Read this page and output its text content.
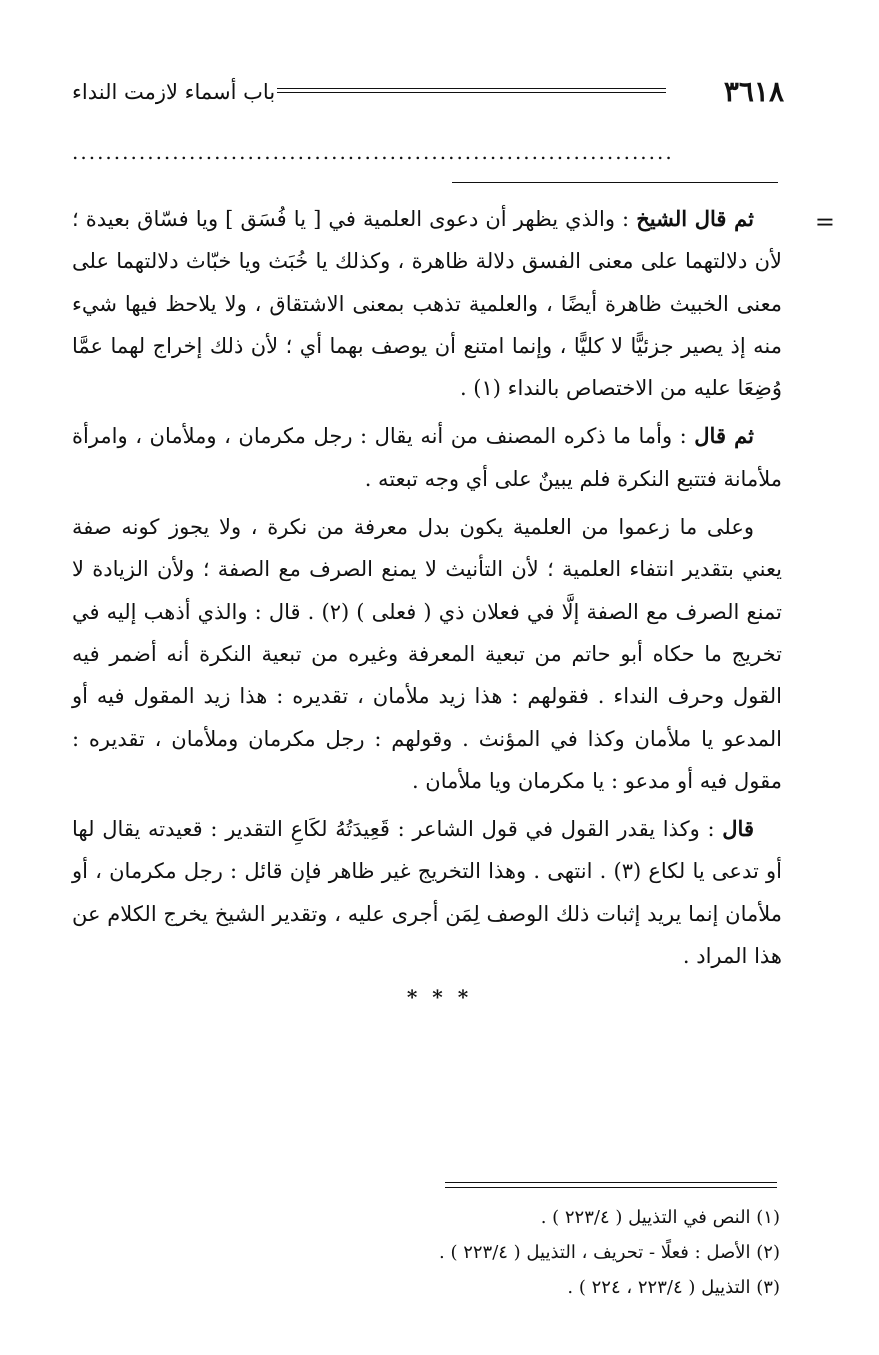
٣٦١٨
باب أسماء لازمت النداء
........................................................................
=

ثم قال الشيخ : والذي يظهر أن دعوى العلمية في [ يا فُسَق ] ويا فسّاق بعيدة ؛ لأن دلالتهما على معنى الفسق دلالة ظاهرة ، وكذلك يا خُبَث ويا خبّاث دلالتهما على معنى الخبيث ظاهرة أيضًا ، والعلمية تذهب بمعنى الاشتقاق ، ولا يلاحظ فيها شيء منه إذ يصير جزئيًّا لا كليًّا ، وإنما امتنع أن يوصف بهما أي ؛ لأن ذلك إخراج لهما عمَّا وُضِعَا عليه من الاختصاص بالنداء (١) .

ثم قال : وأما ما ذكره المصنف من أنه يقال : رجل مكرمان ، وملأمان ، وامرأة ملأمانة فتتبع النكرة فلم يبينٌ على أي وجه تبعته .

وعلى ما زعموا من العلمية يكون بدل معرفة من نكرة ، ولا يجوز كونه صفة يعني بتقدير انتفاء العلمية ؛ لأن التأنيث لا يمنع الصرف مع الصفة ؛ ولأن الزيادة لا تمنع الصرف مع الصفة إلَّا في فعلان ذي ( فعلى ) (٢) . قال : والذي أذهب إليه في تخريج ما حكاه أبو حاتم من تبعية المعرفة وغيره من تبعية النكرة أنه أضمر فيه القول وحرف النداء . فقولهم : هذا زيد ملأمان ، تقديره : هذا زيد المقول فيه أو المدعو يا ملأمان وكذا في المؤنث . وقولهم : رجل مكرمان وملأمان ، تقديره : مقول فيه أو مدعو : يا مكرمان ويا ملأمان .

قال : وكذا يقدر القول في قول الشاعر : قَعِيدَتُهُ لكَاعِ التقدير : قعيدته يقال لها أو تدعى يا لكاع (٣) . انتهى . وهذا التخريج غير ظاهر فإن قائل : رجل مكرمان ، أو ملأمان إنما يريد إثبات ذلك الوصف لِمَن أجرى عليه ، وتقدير الشيخ يخرج الكلام عن هذا المراد .

* * *

(١) النص في التذييل ( ٢٢٣/٤ ) .

(٢) الأصل : فعلًا - تحريف ، التذييل ( ٢٢٣/٤ ) .

(٣) التذييل ( ٢٢٣/٤ ، ٢٢٤ ) .
